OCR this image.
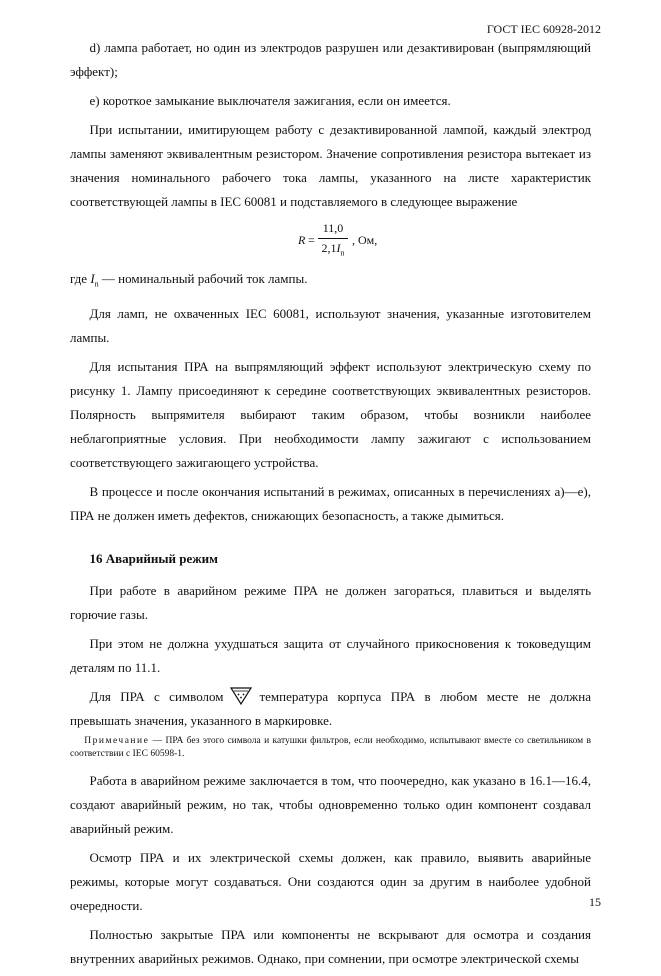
ГОСТ IEC 60928-2012

d) лампа работает, но один из электродов разрушен или дезактивирован (выпрямляющий эффект);

е) короткое замыкание выключателя зажигания, если он имеется.

При испытании, имитирующем работу с дезактивированной лампой, каждый электрод лампы заменяют эквивалентным резистором. Значение сопротивления резистора вытекает из значения номинального рабочего тока лампы, указанного на листе характеристик соответствующей лампы в IEC 60081 и подставляемого в следующее выражение

R =
11,0
$2,1I_n$
, Ом,

где $I_n$ — номинальный рабочий ток лампы.

Для ламп, не охваченных IEC 60081, используют значения, указанные изготовителем лампы.

Для испытания ПРА на выпрямляющий эффект используют электрическую схему по рисунку 1. Лампу присоединяют к середине соответствующих эквивалентных резисторов. Полярность выпрямителя выбирают таким образом, чтобы возникли наиболее неблагоприятные условия. При необходимости лампу зажигают с использованием соответствующего зажигающего устройства.

В процессе и после окончания испытаний в режимах, описанных в перечислениях а)—е), ПРА не должен иметь дефектов, снижающих безопасность, а также дымиться.

16 Аварийный режим

При работе в аварийном режиме ПРА не должен загораться, плавиться и выделять горючие газы.

При этом не должна ухудшаться защита от случайного прикосновения к токоведущим деталям по 11.1.

Для ПРА с символом	температура корпуса ПРА в любом месте не должна превышать значения, указанного в маркировке.

Примечание — ПРА без этого символа и катушки фильтров, если необходимо, испытывают вместе со светильником в соответствии с IEC 60598-1.

Работа в аварийном режиме заключается в том, что поочередно, как указано в 16.1—16.4, создают аварийный режим, но так, чтобы одновременно только один компонент создавал аварийный режим.

Осмотр ПРА и их электрической схемы должен, как правило, выявить аварийные режимы, которые могут создаваться. Они создаются один за другим в наиболее удобной очередности.

Полностью закрытые ПРА или компоненты не вскрывают для осмотра и создания внутренних аварийных режимов. Однако, при сомнении, при осмотре электрической схемы

15
